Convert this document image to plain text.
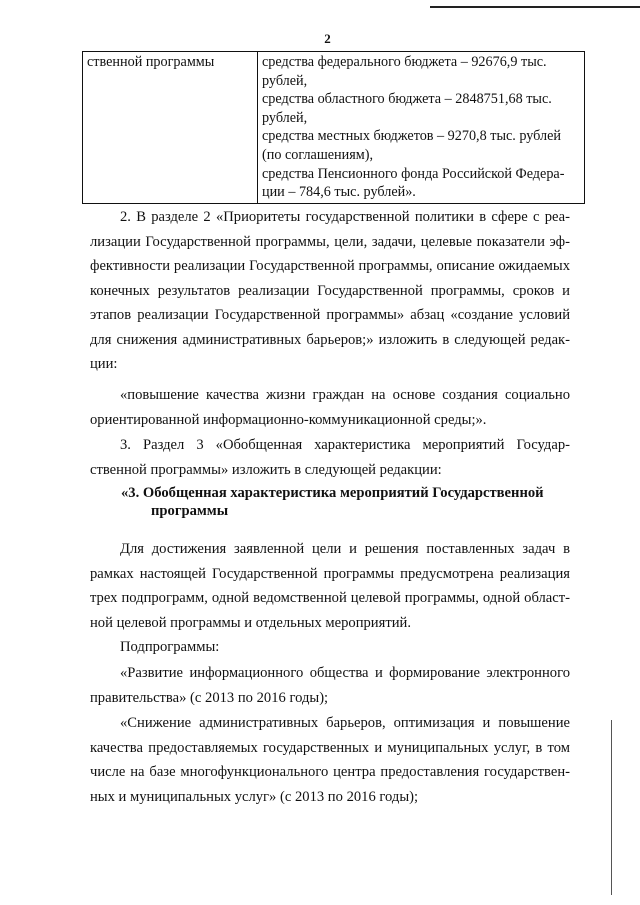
2
ственной программы	средства федерального бюджета – 92676,9 тыс.
рублей,
средства областного бюджета – 2848751,68 тыс.
рублей,
средства местных бюджетов – 9270,8 тыс. рублей
(по соглашениям),
средства Пенсионного фонда Российской Федера-
ции – 784,6 тыс. рублей».
2. В разделе 2 «Приоритеты государственной политики в сфере с реа-
лизации Государственной программы, цели, задачи, целевые показатели эф-
фективности реализации Государственной программы, описание ожидаемых
конечных результатов реализации Государственной программы, сроков и
этапов реализации Государственной программы» абзац «создание условий
для снижения административных барьеров;» изложить в следующей редак-
ции:
«повышение качества жизни граждан на основе создания социально
ориентированной информационно-коммуникационной среды;».
3. Раздел 3 «Обобщенная характеристика мероприятий Государ-
ственной программы» изложить в следующей редакции:
«3. Обобщенная характеристика мероприятий Государственной
программы
Для достижения заявленной цели и решения поставленных задач в
рамках настоящей Государственной программы предусмотрена реализация
трех подпрограмм, одной ведомственной целевой программы, одной област-
ной целевой программы и отдельных мероприятий.
Подпрограммы:
«Развитие информационного общества и формирование электронного
правительства» (с 2013 по 2016 годы);
«Снижение административных барьеров, оптимизация и повышение
качества предоставляемых государственных и муниципальных услуг, в том
числе на базе многофункционального центра предоставления государствен-
ных и муниципальных услуг» (с 2013 по 2016 годы);
